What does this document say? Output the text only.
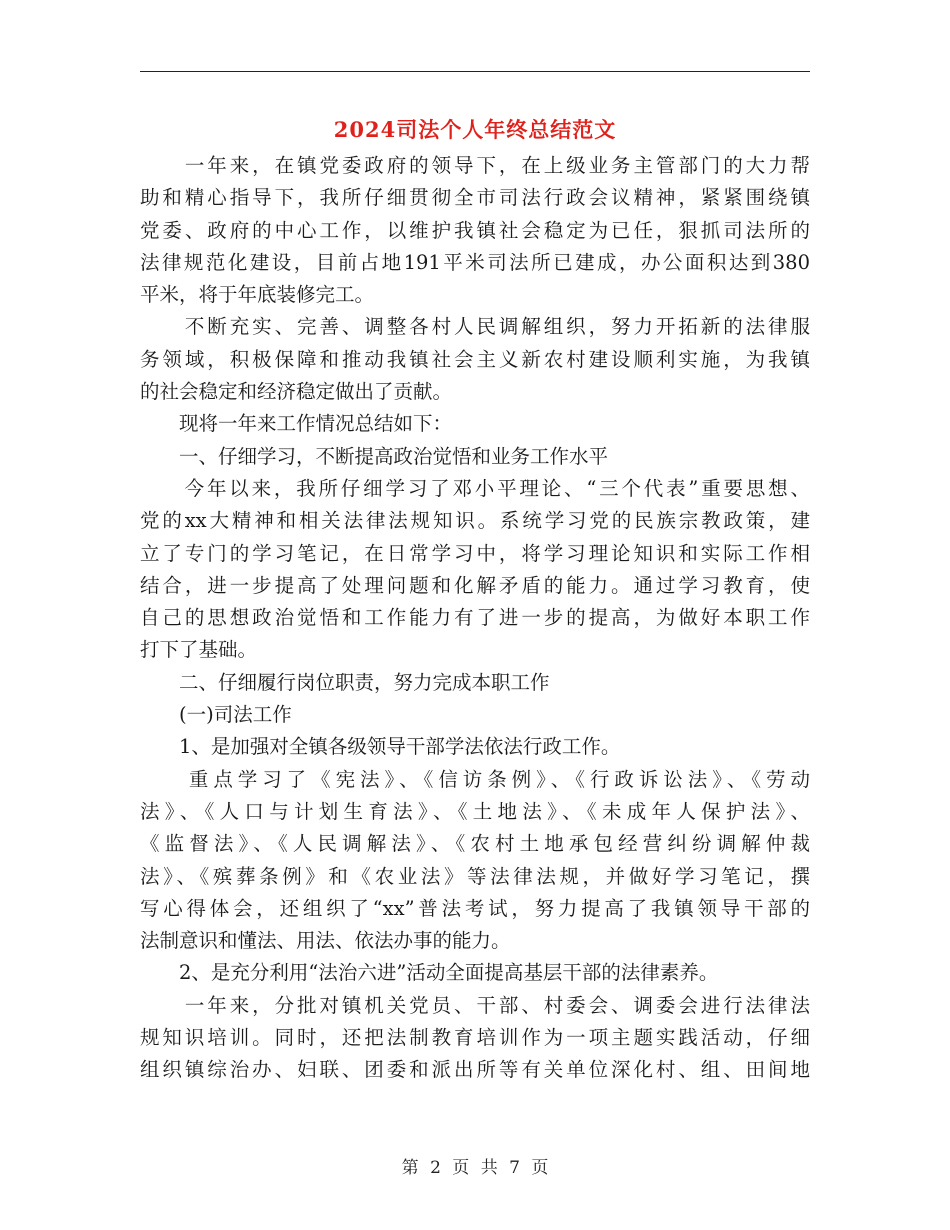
2024司法个人年终总结范文
　　一年来，在镇党委政府的领导下，在上级业务主管部门的大力帮
助和精心指导下，我所仔细贯彻全市司法行政会议精神，紧紧围绕镇
党委、政府的中心工作，以维护我镇社会稳定为已任，狠抓司法所的
法律规范化建设，目前占地191平米司法所已建成，办公面积达到380
平米，将于年底装修完工。
　　不断充实、完善、调整各村人民调解组织，努力开拓新的法律服
务领域，积极保障和推动我镇社会主义新农村建设顺利实施，为我镇
的社会稳定和经济稳定做出了贡献。
　　现将一年来工作情况总结如下：
　　一、仔细学习，不断提高政治觉悟和业务工作水平
　　今年以来，我所仔细学习了邓小平理论、“三个代表”重要思想、
党的xx大精神和相关法律法规知识。系统学习党的民族宗教政策，建
立了专门的学习笔记，在日常学习中，将学习理论知识和实际工作相
结合，进一步提高了处理问题和化解矛盾的能力。通过学习教育，使
自己的思想政治觉悟和工作能力有了进一步的提高，为做好本职工作
打下了基础。
　　二、仔细履行岗位职责，努力完成本职工作
　　(一)司法工作
　　1、是加强对全镇各级领导干部学法依法行政工作。
　　重点学习了《宪法》、《信访条例》、《行政诉讼法》、《劳动
法》、《人口与计划生育法》、《土地法》、《未成年人保护法》、
《监督法》、《人民调解法》、《农村土地承包经营纠纷调解仲裁
法》、《殡葬条例》和《农业法》等法律法规，并做好学习笔记，撰
写心得体会，还组织了“xx”普法考试，努力提高了我镇领导干部的
法制意识和懂法、用法、依法办事的能力。
　　2、是充分利用“法治六进”活动全面提高基层干部的法律素养。
　　一年来，分批对镇机关党员、干部、村委会、调委会进行法律法
规知识培训。同时，还把法制教育培训作为一项主题实践活动，仔细
组织镇综治办、妇联、团委和派出所等有关单位深化村、组、田间地
第 2 页 共 7 页
